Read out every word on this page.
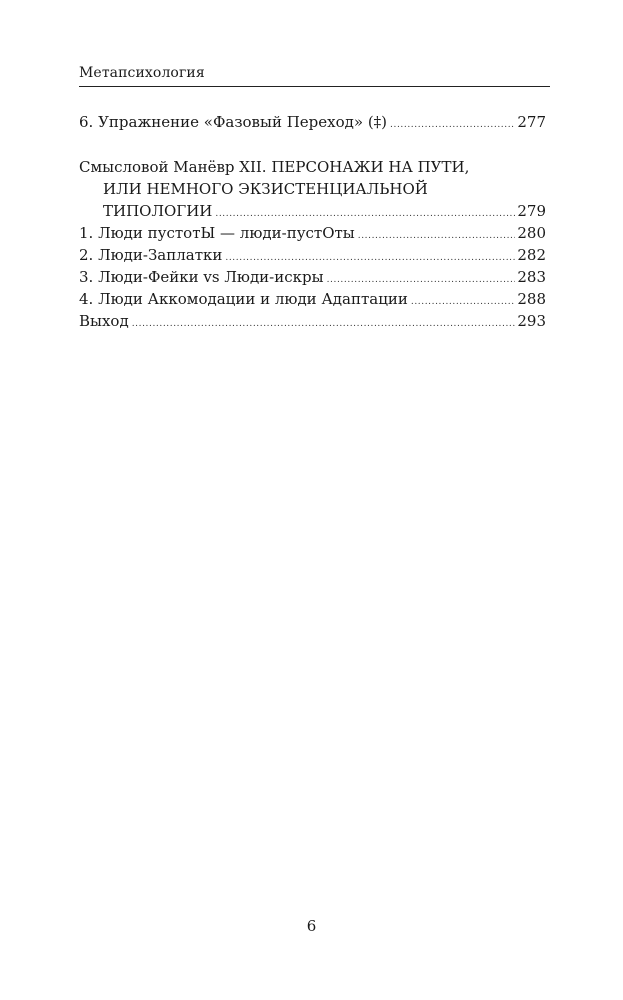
Метапсихология
6. Упражнение «Фазовый Переход» (‡) .....	277
Смысловой Манёвр XII. ПЕРСОНАЖИ НА ПУТИ,
ИЛИ НЕМНОГО ЭКЗИСТЕНЦИАЛЬНОЙ
ТИПОЛОГИИ .....	279
1. Люди пустотЫ — люди-пустОты .....	280
2. Люди-Заплатки .....	282
3. Люди-Фейки vs Люди-искры .....	283
4. Люди Аккомодации и люди Адаптации .....	288
Выход .....	293
6
